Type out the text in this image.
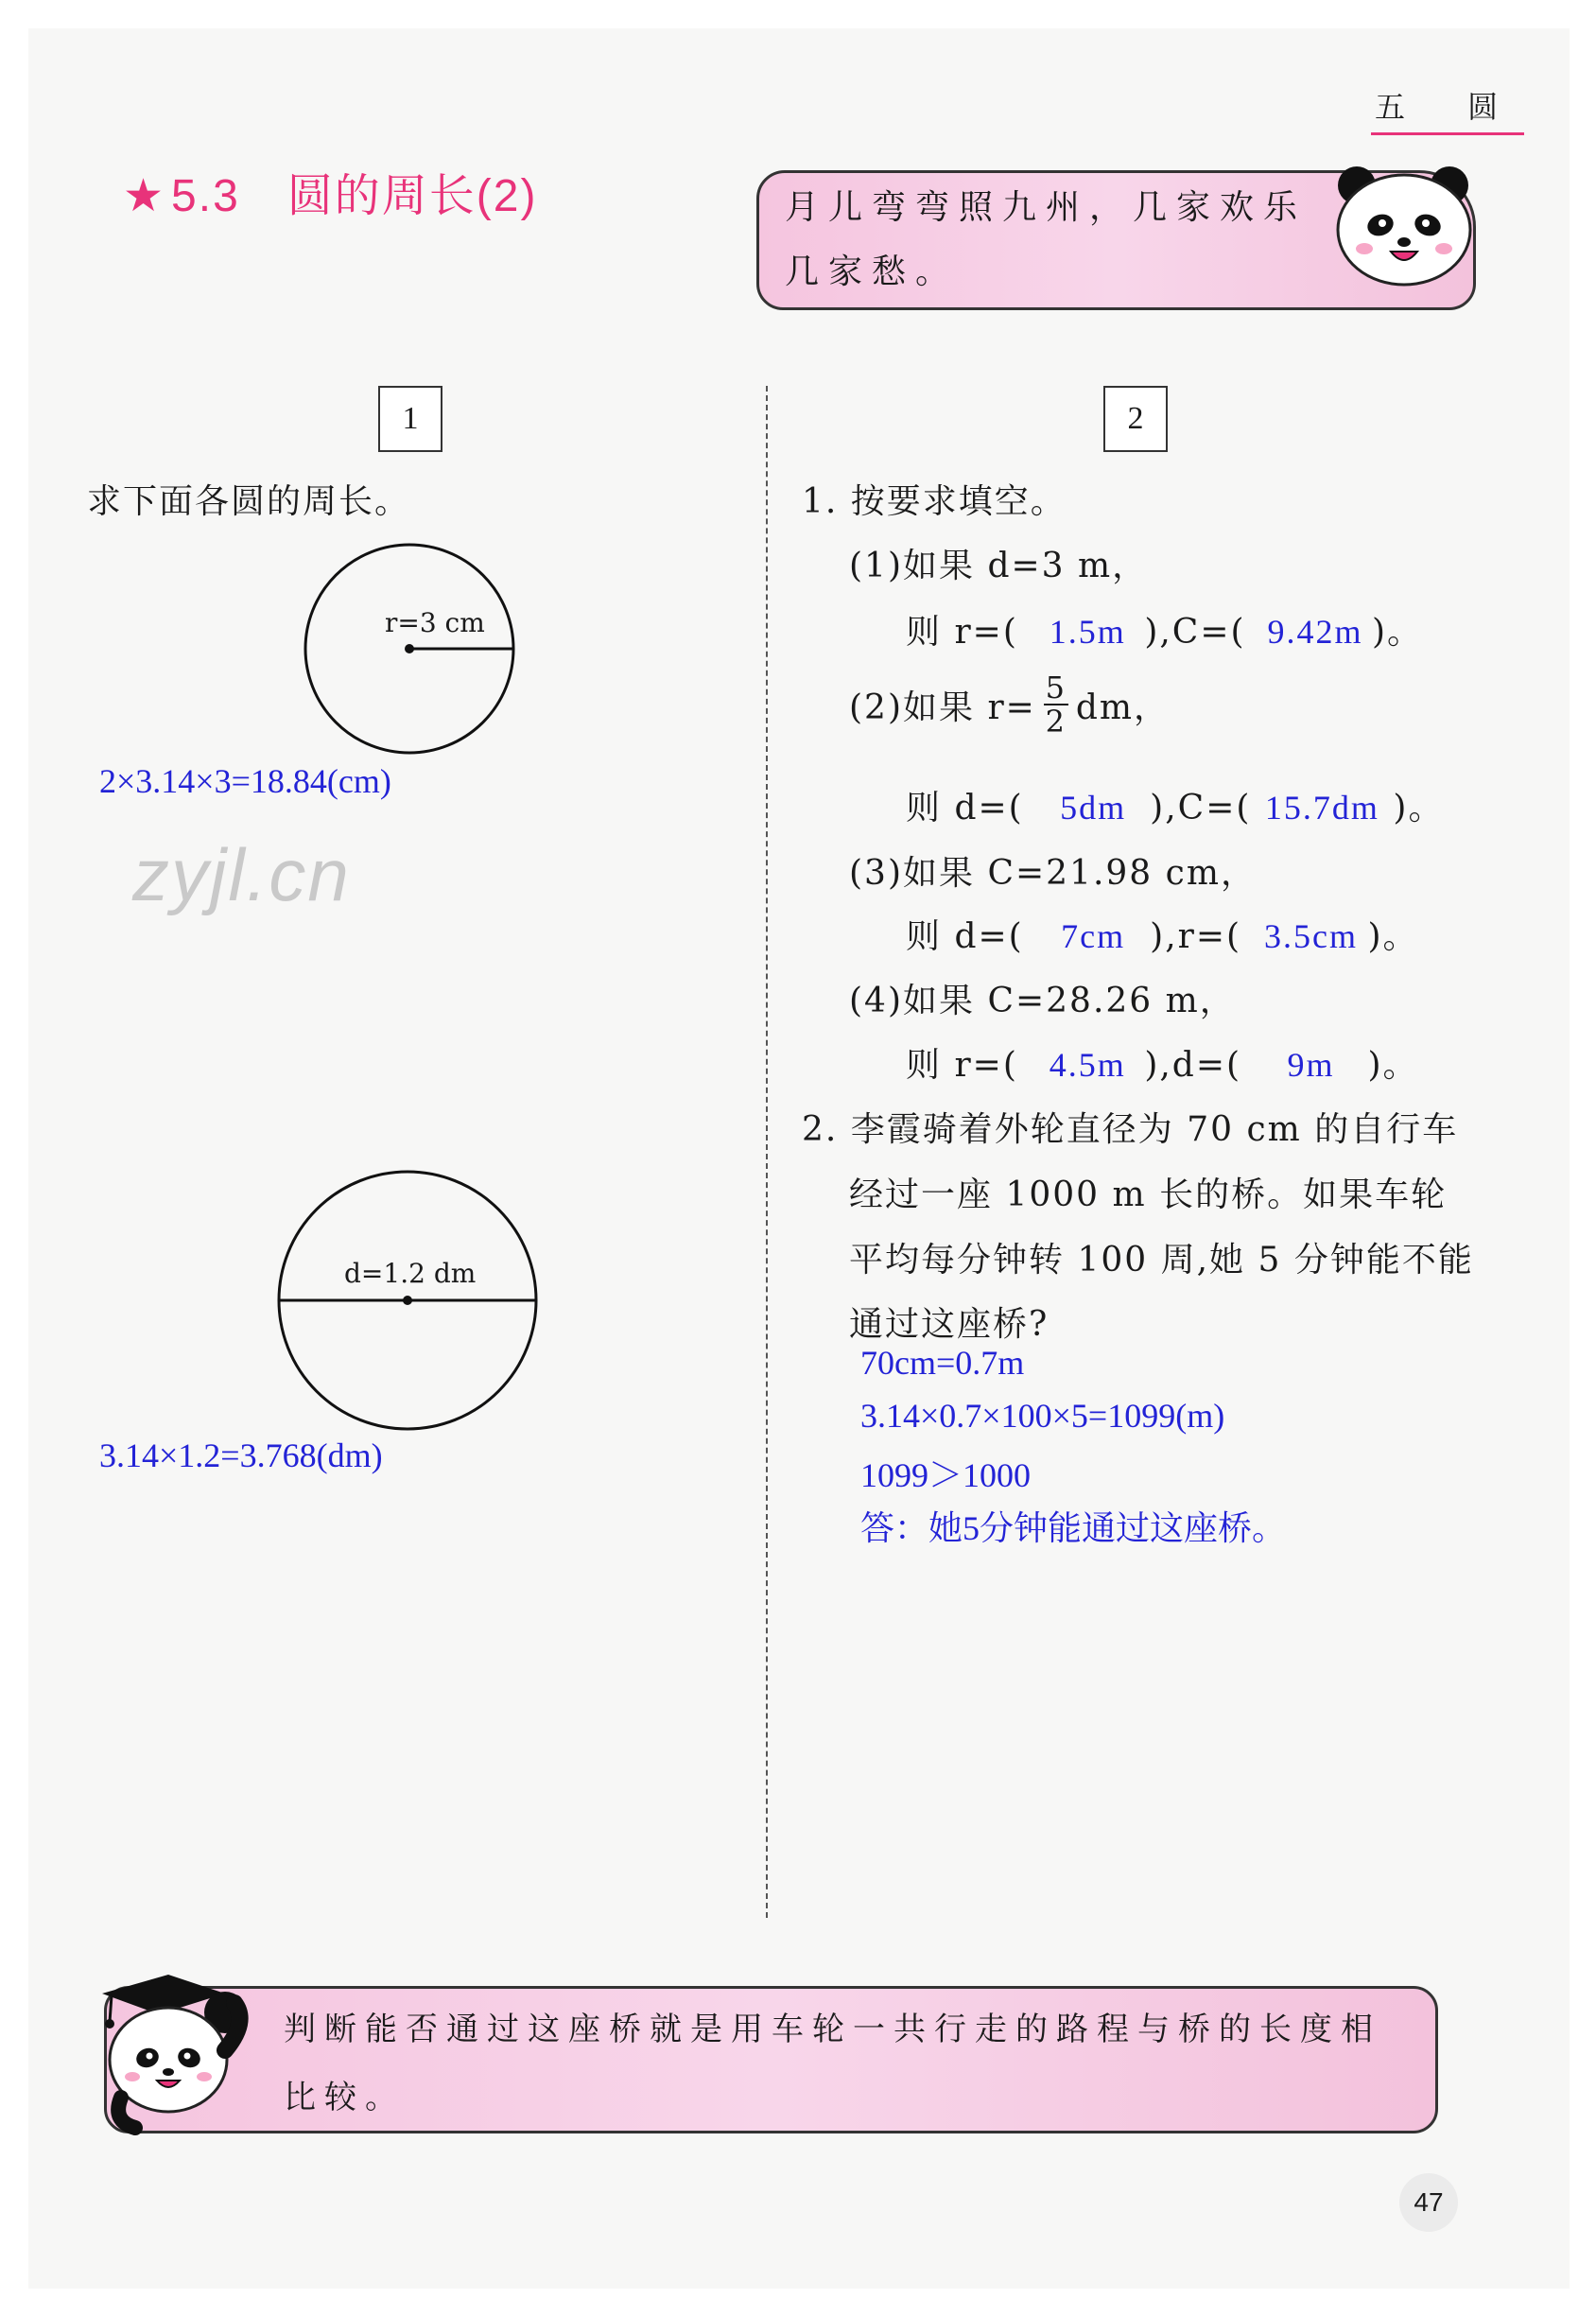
五 圆
★ 5.3 圆的周长(2)	月儿弯弯照九州，几家欢乐几家愁。
1
求下面各圆的周长。
r=3 cm
2×3.14×3=18.84(cm)
zyjl.cn
d=1.2 dm
3.14×1.2=3.768(dm)
2
1. 按要求填空。
(1)如果 d=3 m，
则 r=( 1.5m ),C=( 9.42m )。
(2)如果 $r= \frac{5}{2}$ dm，
则 d=( 5dm ),C=( 15.7dm )。
(3)如果 C=21.98 cm，
则 d=( 7cm ),r=( 3.5cm )。
(4)如果 C=28.26 m，
则 r=( 4.5m ),d=( 9m )。
2. 李霞骑着外轮直径为 70 cm 的自行车
经过一座 1000 m 长的桥。如果车轮
平均每分钟转 100 周,她 5 分钟能不能
通过这座桥?
70cm=0.7m
3.14×0.7×100×5=1099(m)
1099＞1000
答：她5分钟能通过这座桥。
判断能否通过这座桥就是用车轮一共行走的路程与桥的长度相比较。
47
